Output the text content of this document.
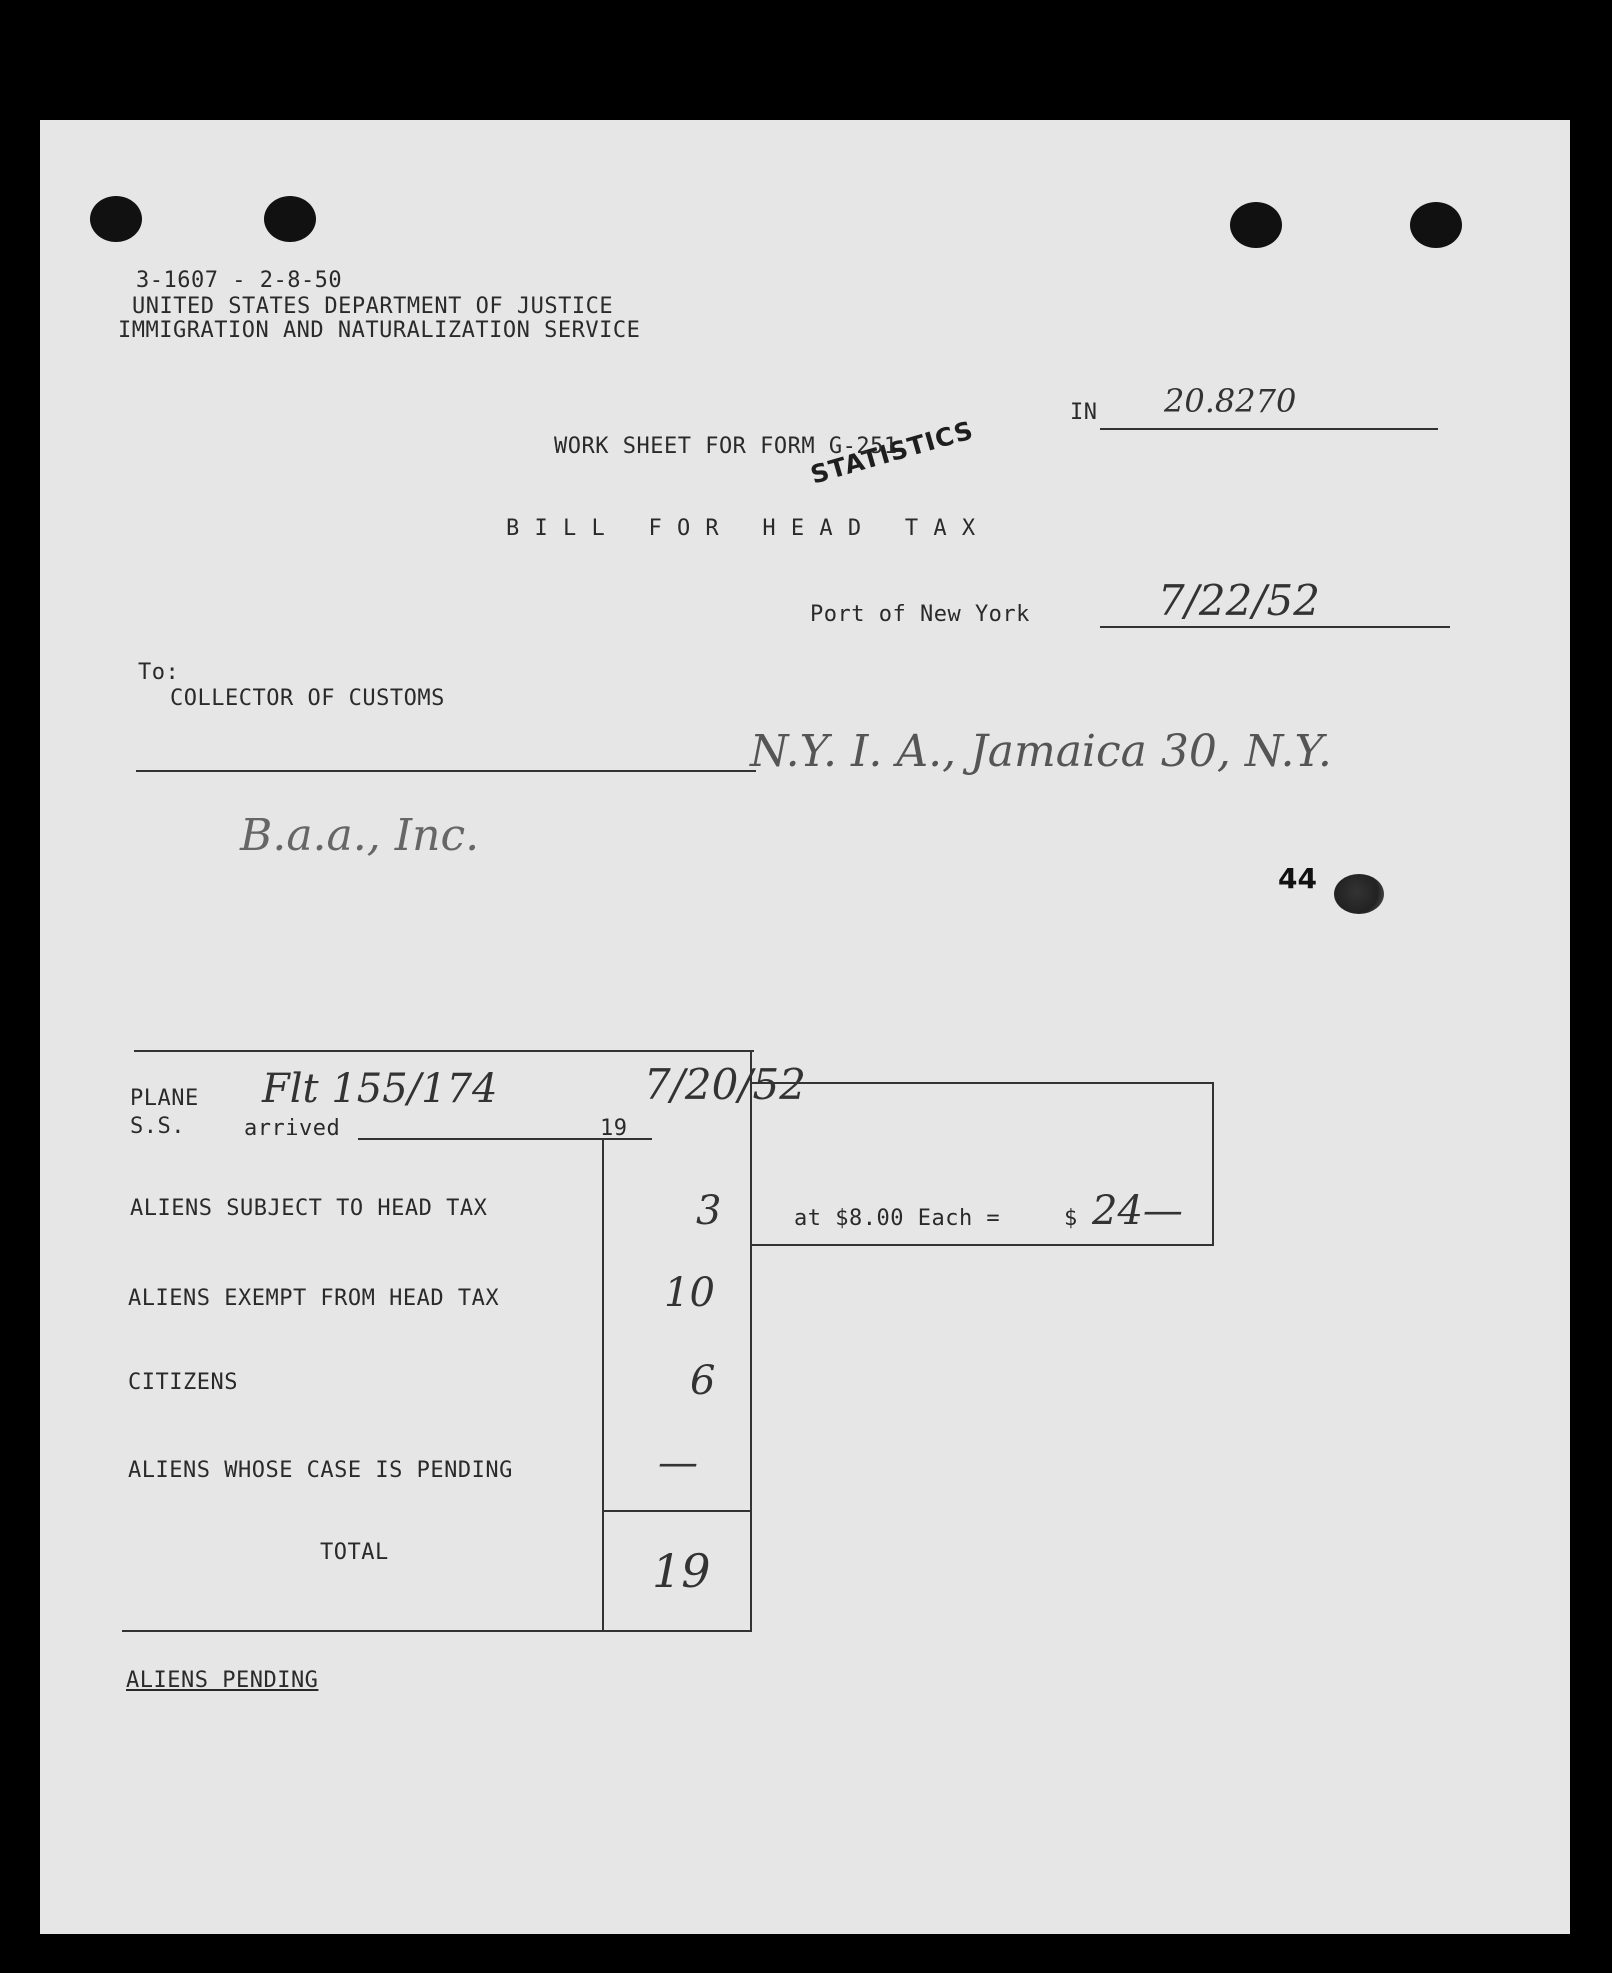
3-1607 - 2-8-50
UNITED STATES DEPARTMENT OF JUSTICE
IMMIGRATION AND NATURALIZATION SERVICE
STATISTICS
IN 20.8270
WORK SHEET FOR FORM G-251
B I L L   F O R   H E A D   T A X
Port of New York	7/22/52
To:
COLLECTOR OF CUSTOMS
N.Y. I. A., Jamaica 30, N.Y.
B.a.a., Inc.
44
PLANE
S.S.	arrived	19
Flt 155/174	7/20/52
ALIENS SUBJECT TO HEAD TAX	3	at $8.00 Each =	$ 24—
ALIENS EXEMPT FROM HEAD TAX	10
CITIZENS	6
ALIENS WHOSE CASE IS PENDING	—
TOTAL	19
ALIENS PENDING
